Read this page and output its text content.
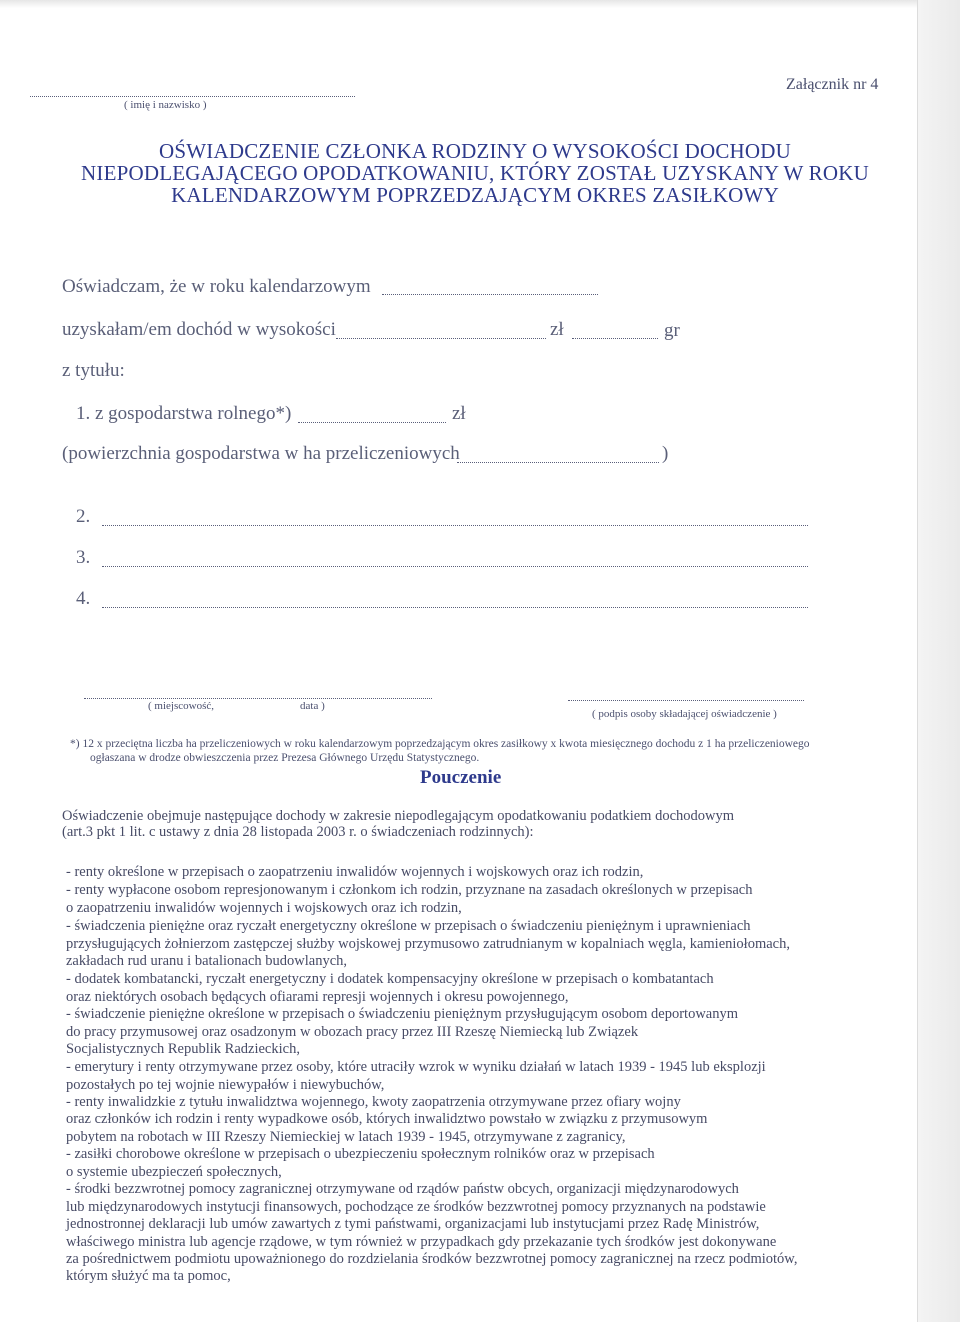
( imię i nazwisko )
Załącznik nr 4
OŚWIADCZENIE CZŁONKA RODZINY O WYSOKOŚCI DOCHODU
NIEPODLEGAJĄCEGO OPODATKOWANIU, KTÓRY ZOSTAŁ UZYSKANY W ROKU
KALENDARZOWYM POPRZEDZAJĄCYM OKRES ZASIŁKOWY
Oświadczam, że w roku kalendarzowym
uzyskałam/em dochód w wysokości	zł	gr
z tytułu:
1. z gospodarstwa rolnego*)	zł
(powierzchnia gospodarstwa w ha przeliczeniowych	)
2.
3.
4.
( miejscowość,	data )
( podpis osoby składającej oświadczenie )
*) 12 x przeciętna liczba ha przeliczeniowych w roku kalendarzowym poprzedzającym okres zasiłkowy x kwota miesięcznego dochodu z 1 ha przeliczeniowego
ogłaszana w drodze obwieszczenia przez Prezesa Głównego Urzędu Statystycznego.
Pouczenie
Oświadczenie obejmuje następujące dochody w zakresie niepodlegającym opodatkowaniu podatkiem dochodowym
(art.3 pkt 1 lit. c ustawy z dnia 28 listopada 2003 r. o świadczeniach rodzinnych):
- renty określone w przepisach o zaopatrzeniu inwalidów wojennych i wojskowych oraz ich rodzin,
- renty wypłacone osobom represjonowanym i członkom ich rodzin, przyznane na zasadach określonych w przepisach
o zaopatrzeniu inwalidów wojennych i wojskowych oraz ich rodzin,
- świadczenia pieniężne oraz ryczałt energetyczny określone w przepisach o świadczeniu pieniężnym i uprawnieniach
przysługujących żołnierzom zastępczej służby wojskowej przymusowo zatrudnianym w kopalniach węgla, kamieniołomach,
zakładach rud uranu i batalionach budowlanych,
- dodatek kombatancki, ryczałt energetyczny i dodatek kompensacyjny określone w przepisach o kombatantach
oraz niektórych osobach będących ofiarami represji wojennych i okresu powojennego,
- świadczenie pieniężne określone w przepisach o świadczeniu pieniężnym przysługującym osobom deportowanym
do pracy przymusowej oraz osadzonym w obozach pracy przez III Rzeszę Niemiecką lub Związek
Socjalistycznych Republik Radzieckich,
- emerytury i renty otrzymywane przez osoby, które utraciły wzrok w wyniku działań w latach 1939 - 1945 lub eksplozji
pozostałych po tej wojnie niewypałów i niewybuchów,
- renty inwalidzkie z tytułu inwalidztwa wojennego, kwoty zaopatrzenia otrzymywane przez ofiary wojny
oraz członków ich rodzin i renty wypadkowe osób, których inwalidztwo powstało w związku z przymusowym
pobytem na robotach w III Rzeszy Niemieckiej w latach 1939 - 1945, otrzymywane z zagranicy,
- zasiłki chorobowe określone w przepisach o ubezpieczeniu społecznym rolników oraz w przepisach
o systemie ubezpieczeń społecznych,
- środki bezzwrotnej pomocy zagranicznej otrzymywane od rządów państw obcych, organizacji międzynarodowych
lub międzynarodowych instytucji finansowych, pochodzące ze środków bezzwrotnej pomocy przyznanych na podstawie
jednostronnej deklaracji lub umów zawartych z tymi państwami, organizacjami lub instytucjami przez Radę Ministrów,
właściwego ministra lub agencje rządowe, w tym również w przypadkach gdy przekazanie tych środków jest dokonywane
za pośrednictwem podmiotu upoważnionego do rozdzielania środków bezzwrotnej pomocy zagranicznej na rzecz podmiotów,
którym służyć ma ta pomoc,
